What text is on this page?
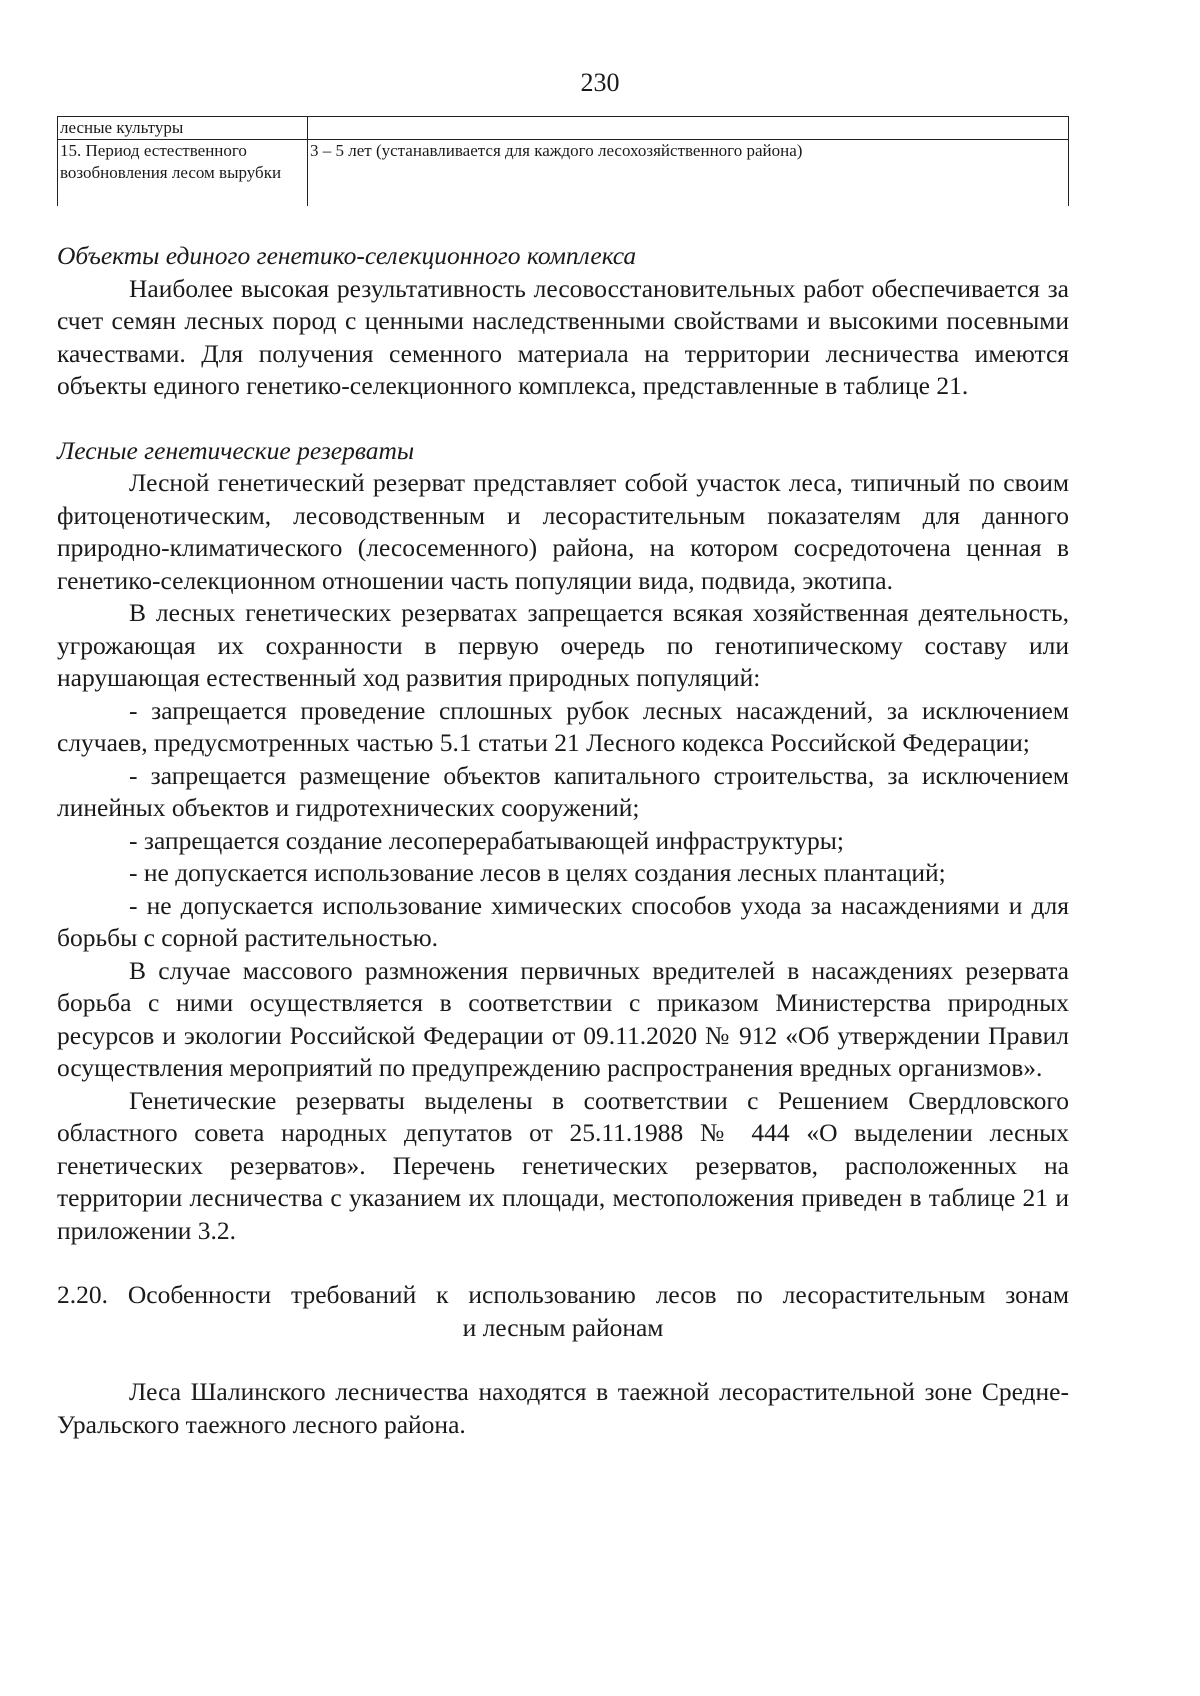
230
лесные культуры	
15. Период естественного возобновления лесом вырубки	3 – 5 лет (устанавливается для каждого лесохозяйственного района)

Объекты единого генетико-селекционного комплекса

Наиболее высокая результативность лесовосстановительных работ обеспечивается за счет семян лесных пород с ценными наследственными свойствами и высокими посевными качествами. Для получения семенного материала на территории лесничества имеются объекты единого генетико-селекционного комплекса, представленные в таблице 21.

Лесные генетические резерваты

Лесной генетический резерват представляет собой участок леса, типичный по своим фитоценотическим, лесоводственным и лесорастительным показателям для данного природно-климатического (лесосеменного) района, на котором сосредоточена ценная в генетико-селекционном отношении часть популяции вида, подвида, экотипа.

В лесных генетических резерватах запрещается всякая хозяйственная деятельность, угрожающая их сохранности в первую очередь по генотипическому составу или нарушающая естественный ход развития природных популяций:

- запрещается проведение сплошных рубок лесных насаждений, за исключением случаев, предусмотренных частью 5.1 статьи 21 Лесного кодекса Российской Федерации;

- запрещается размещение объектов капитального строительства, за исключением линейных объектов и гидротехнических сооружений;

- запрещается создание лесоперерабатывающей инфраструктуры;

- не допускается использование лесов в целях создания лесных плантаций;

- не допускается использование химических способов ухода за насаждениями и для борьбы с сорной растительностью.

В случае массового размножения первичных вредителей в насаждениях резервата борьба с ними осуществляется в соответствии с приказом Министерства природных ресурсов и экологии Российской Федерации от 09.11.2020 № 912 «Об утверждении Правил осуществления мероприятий по предупреждению распространения вредных организмов».

Генетические резерваты выделены в соответствии с Решением Свердловского областного совета народных депутатов от 25.11.1988 № 444 «О выделении лесных генетических резерватов». Перечень генетических резерватов, расположенных на территории лесничества с указанием их площади, местоположения приведен в таблице 21 и приложении 3.2.

2.20. Особенности требований к использованию лесов по лесорастительным зонам
и лесным районам

Леса Шалинского лесничества находятся в таежной лесорастительной зоне Средне-Уральского таежного лесного района.
